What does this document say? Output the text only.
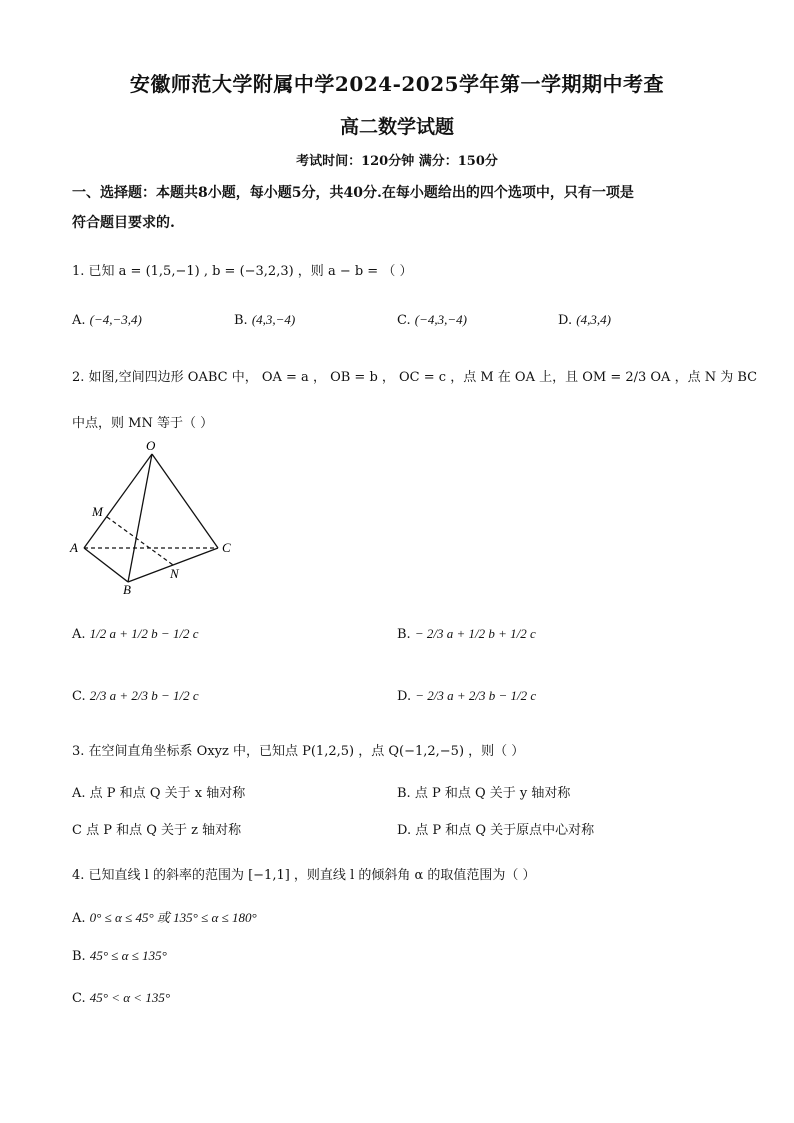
安徽师范大学附属中学2024-2025学年第一学期期中考查
高二数学试题
考试时间：120分钟 满分：150分
一、选择题：本题共8小题，每小题5分，共40分.在每小题给出的四个选项中，只有一项是
符合题目要求的.
1. 已知 a = (1,5,−1) , b = (−3,2,3) ，则 a − b = （ ）
A. (−4,−3,4)	B. (4,3,−4)	C. (−4,3,−4)	D. (4,3,4)
2. 如图,空间四边形 OABC 中， OA = a ， OB = b ， OC = c ，点 M 在 OA 上，且 OM = 2/3 OA ，点 N 为 BC
中点，则 MN 等于（ ）
O
A
B
C
M
N
A. 1/2 a + 1/2 b − 1/2 c	B. − 2/3 a + 1/2 b + 1/2 c
C. 2/3 a + 2/3 b − 1/2 c	D. − 2/3 a + 2/3 b − 1/2 c
3. 在空间直角坐标系 Oxyz 中，已知点 P(1,2,5) ，点 Q(−1,2,−5) ，则（ ）
A. 点 P 和点 Q 关于 x 轴对称	B. 点 P 和点 Q 关于 y 轴对称
C 点 P 和点 Q 关于 z 轴对称	D. 点 P 和点 Q 关于原点中心对称
4. 已知直线 l 的斜率的范围为 [−1,1] ，则直线 l 的倾斜角 α 的取值范围为（ ）
A. 0° ≤ α ≤ 45° 或 135° ≤ α ≤ 180°
B. 45° ≤ α ≤ 135°
C. 45° < α < 135°
